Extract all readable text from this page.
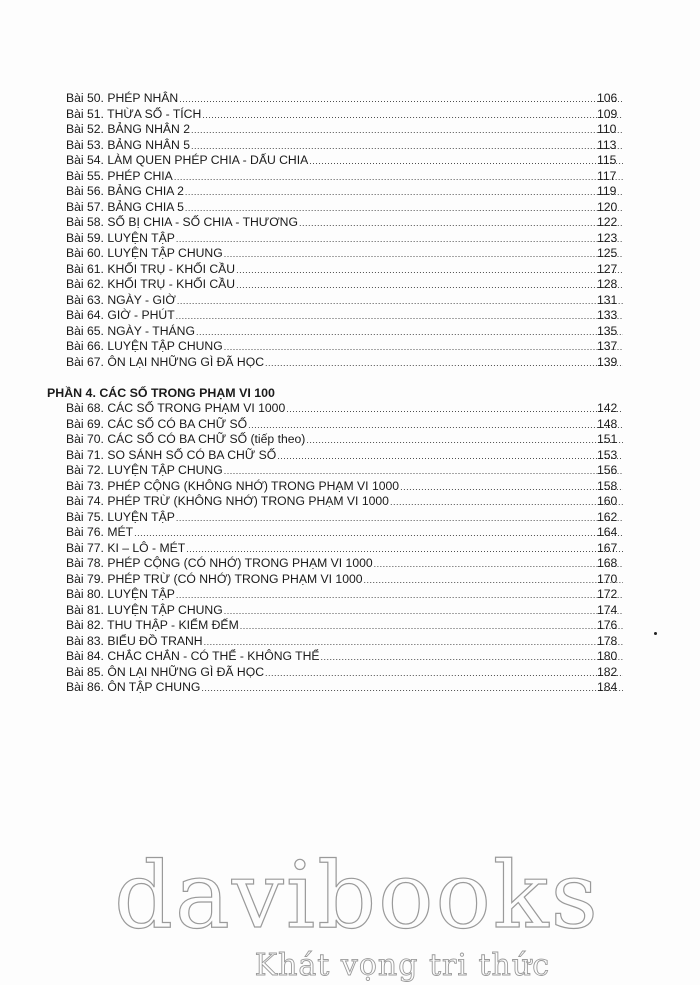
Bài 50. PHÉP NHÂN .....	106
Bài 51. THỪA SỐ - TÍCH .....	109
Bài 52. BẢNG NHÂN 2 .....	110
Bài 53. BẢNG NHÂN 5 .....	113
Bài 54. LÀM QUEN PHÉP CHIA - DẤU CHIA .....	115
Bài 55. PHÉP CHIA .....	117
Bài 56. BẢNG CHIA 2 .....	119
Bài 57. BẢNG CHIA 5 .....	120
Bài 58. SỐ BỊ CHIA - SỐ CHIA - THƯƠNG .....	122
Bài 59. LUYỆN TẬP .....	123
Bài 60. LUYỆN TẬP CHUNG .....	125
Bài 61. KHỐI TRỤ - KHỐI CẦU .....	127
Bài 62. KHỐI TRỤ - KHỐI CẦU .....	128
Bài 63. NGÀY - GIỜ .....	131
Bài 64. GIỜ - PHÚT .....	133
Bài 65. NGÀY - THÁNG .....	135
Bài 66. LUYỆN TẬP CHUNG .....	137
Bài 67. ÔN LẠI NHỮNG GÌ ĐÃ HỌC .....	139
PHẦN 4. CÁC SỐ TRONG PHẠM VI 100
Bài 68. CÁC SỐ TRONG PHẠM VI 1000 .....	142
Bài 69. CÁC SỐ CÓ BA CHỮ SỐ .....	148
Bài 70. CÁC SỐ CÓ BA CHỮ SỐ (tiếp theo) .....	151
Bài 71. SO SÁNH SỐ CÓ BA CHỮ SỐ .....	153
Bài 72. LUYỆN TẬP CHUNG .....	156
Bài 73. PHÉP CỘNG (KHÔNG NHỚ) TRONG PHẠM VI 1000 .....	158
Bài 74. PHÉP TRỪ (KHÔNG NHỚ) TRONG PHẠM VI 1000 .....	160
Bài 75. LUYỆN TẬP .....	162
Bài 76. MÉT .....	164
Bài 77. KI – LÔ - MÉT .....	167
Bài 78. PHÉP CỘNG (CÓ NHỚ) TRONG PHẠM VI 1000 .....	168
Bài 79. PHÉP TRỪ (CÓ NHỚ) TRONG PHẠM VI 1000 .....	170
Bài 80. LUYỆN TẬP .....	172
Bài 81. LUYỆN TẬP CHUNG .....	174
Bài 82. THU THẬP - KIỂM ĐẾM .....	176
Bài 83. BIỂU ĐỒ TRANH .....	178
Bài 84. CHẮC CHẮN - CÓ THỂ - KHÔNG THỂ .....	180
Bài 85. ÔN LẠI NHỮNG GÌ ĐÃ HỌC .....	182
Bài 86. ÔN TẬP CHUNG .....	184
davibooks
Khát vọng tri thức
